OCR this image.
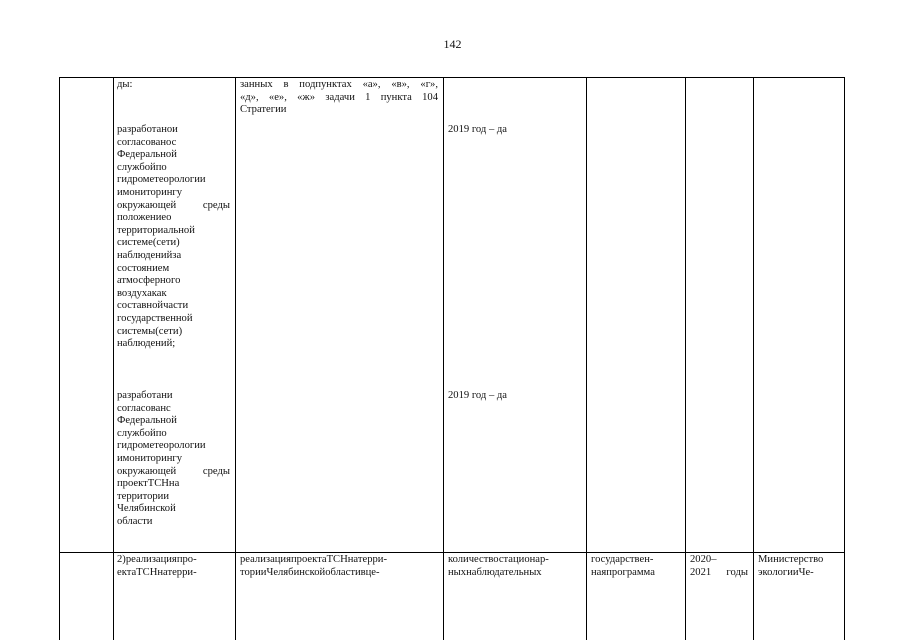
142
ды:	занных в подпунктах «а», «в», «г»,
«д», «е», «ж» задачи 1 пункта 104
Стратегии
разработанои
согласованос
Федеральной
службойпо
гидрометеорологии
имониторингу
окружающей среды
положениео
территориальной
системе(сети)
наблюденийза
состоянием
атмосферного
воздухакак
составнойчасти
государственной
системы(сети)
наблюдений;
разработани
согласованс
Федеральной
службойпо
гидрометеорологии
имониторингу
окружающей среды
проектТСНна
территории
Челябинской
области
2019 год – да
2019 год – да
2)реализацияпро-
ектаТСНнатерри-
реализацияпроектаТСНнатерри-
торииЧелябинскойобластивце-
количествостационар-
ныхнаблюдательных
государствен-
наяпрограмма
2020–
2021 годы
Министерство
экологииЧе-
